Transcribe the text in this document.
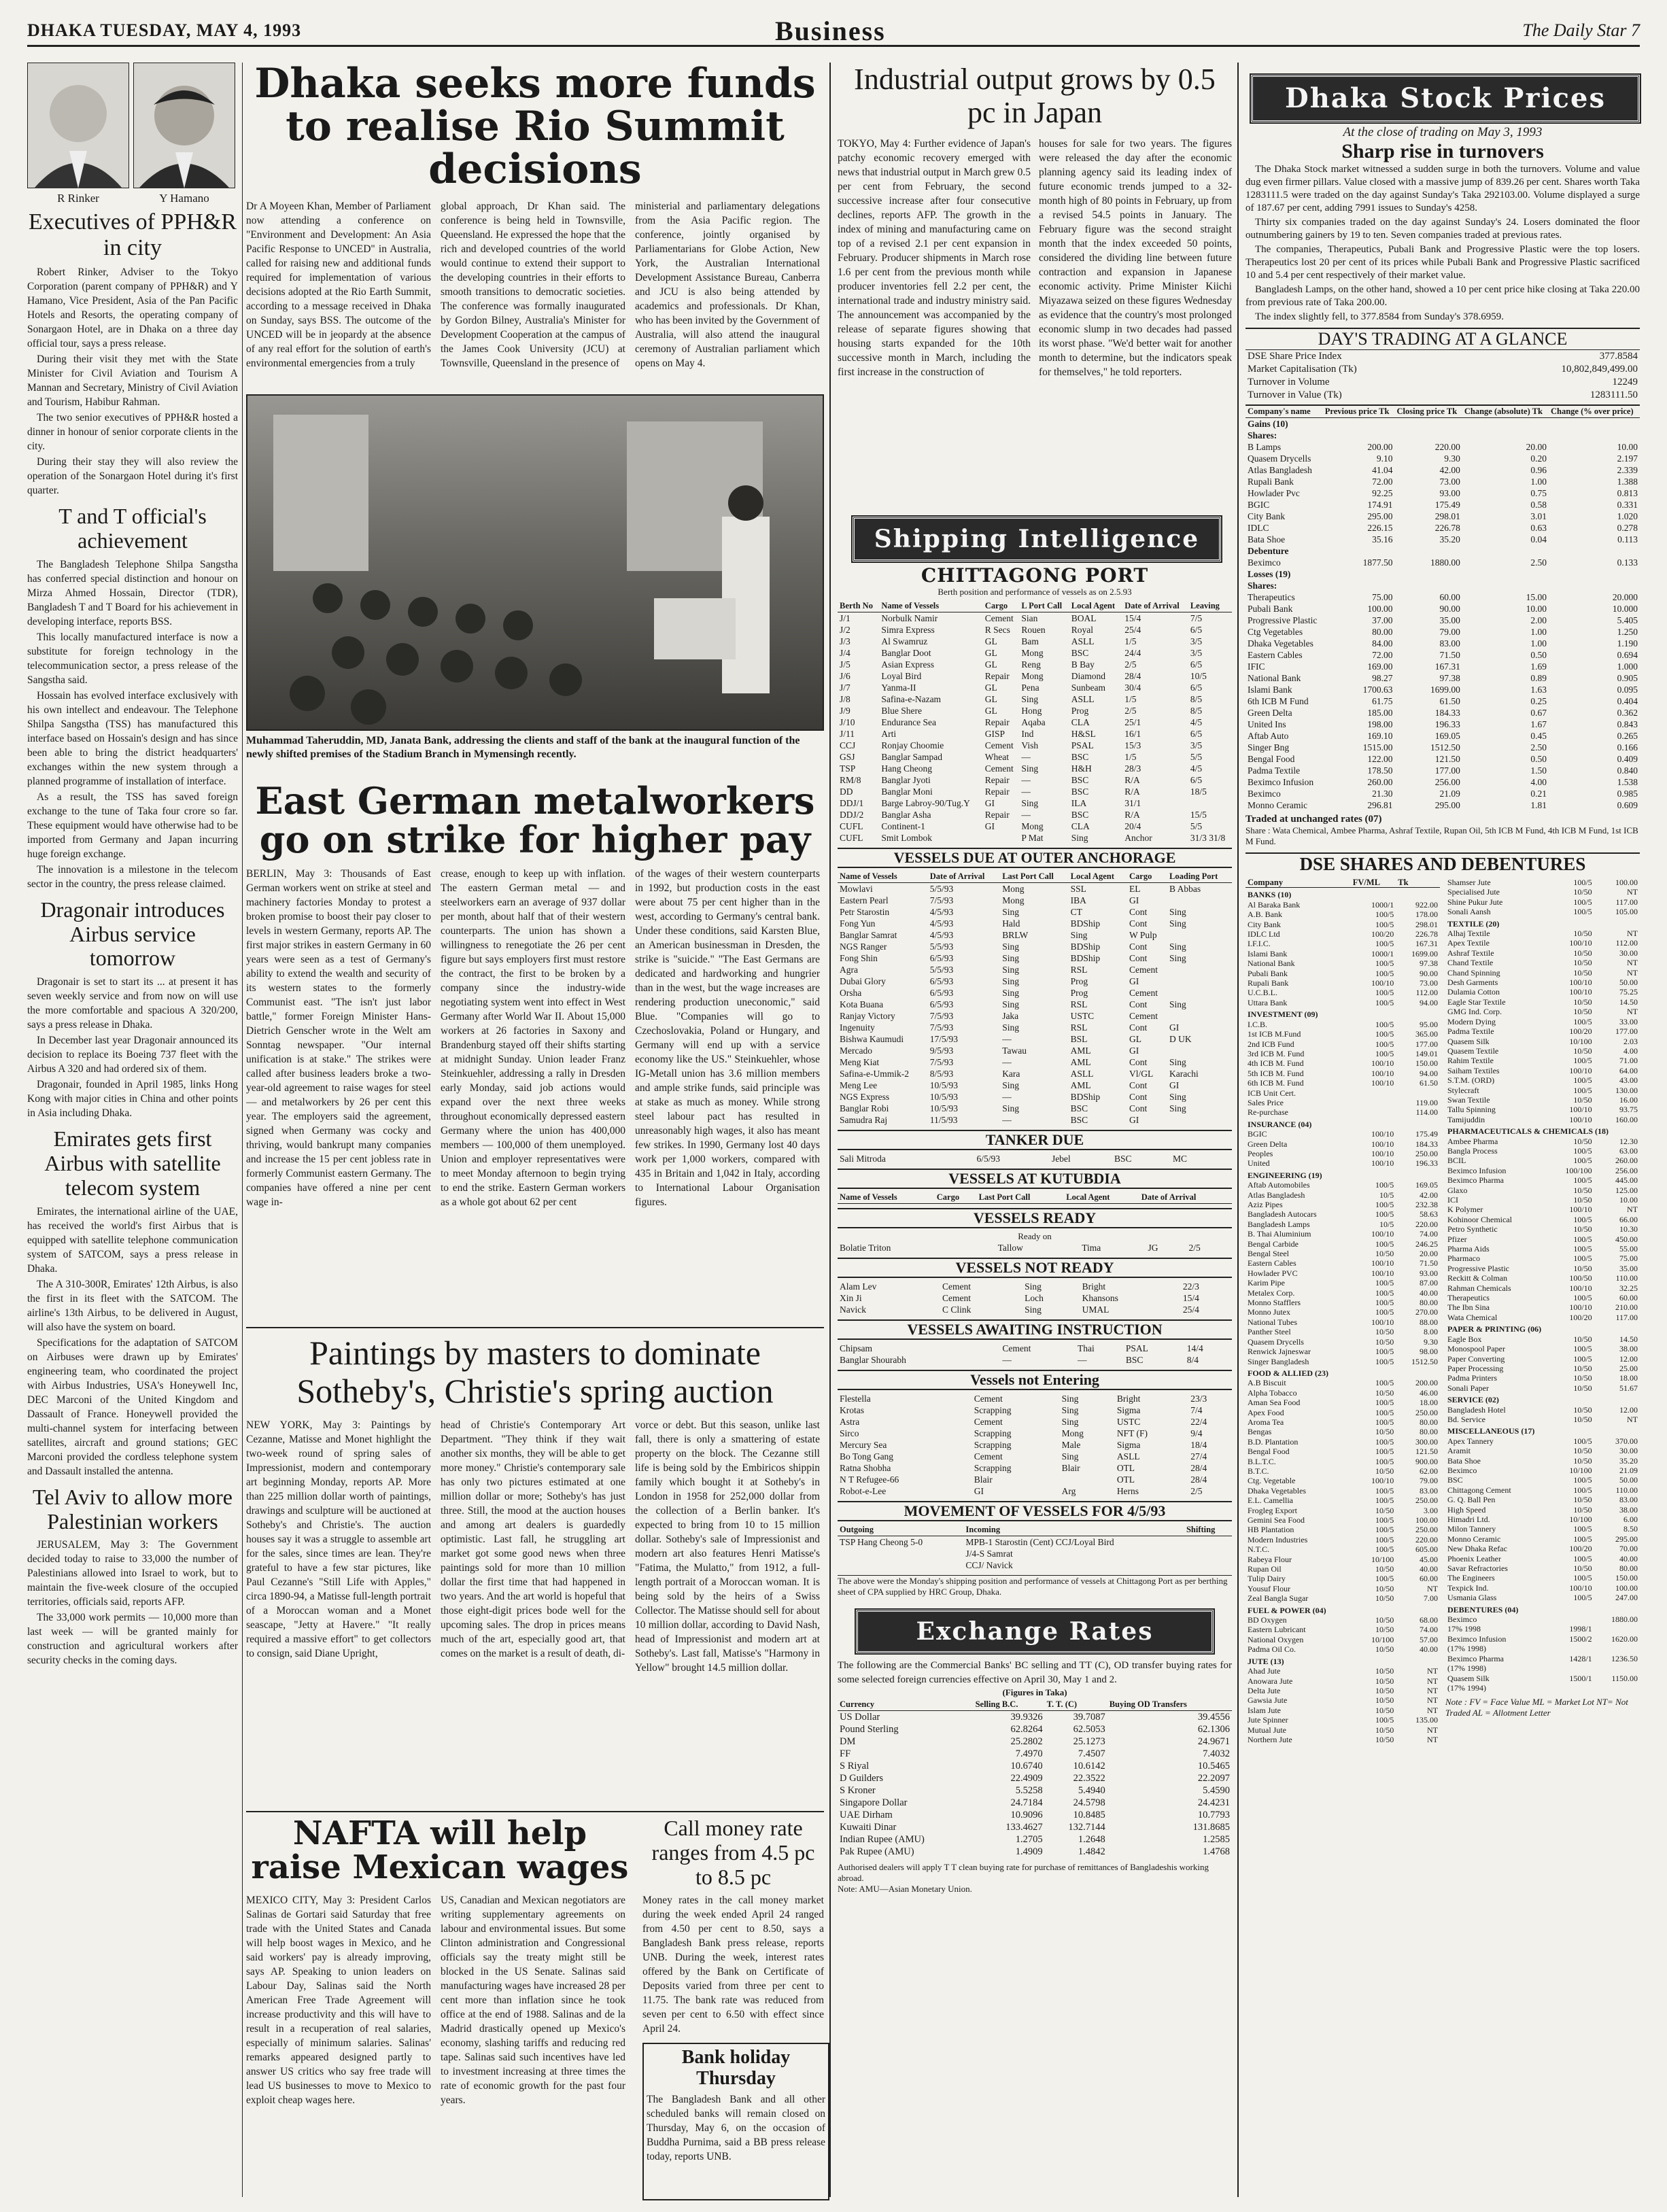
DHAKA TUESDAY, MAY 4, 1993	Business	The Daily Star 7
R Rinker	Y Hamano
Executives of PPH&R in city

Robert Rinker, Adviser to the Tokyo Corporation (parent company of PPH&R) and Y Hamano, Vice President, Asia of the Pan Pacific Hotels and Resorts, the operating company of Sonargaon Hotel, are in Dhaka on a three day official tour, says a press release.

During their visit they met with the State Minister for Civil Aviation and Tourism A Mannan and Secretary, Ministry of Civil Aviation and Tourism, Habibur Rahman.

The two senior executives of PPH&R hosted a dinner in honour of senior corporate clients in the city.

During their stay they will also review the operation of the Sonargaon Hotel during it's first quarter.

T and T official's achievement

The Bangladesh Telephone Shilpa Sangstha has conferred special distinction and honour on Mirza Ahmed Hossain, Director (TDR), Bangladesh T and T Board for his achievement in developing interface, reports BSS.

This locally manufactured interface is now a substitute for foreign technology in the telecommunication sector, a press release of the Sangstha said.

Hossain has evolved interface exclusively with his own intellect and endeavour. The Telephone Shilpa Sangstha (TSS) has manufactured this interface based on Hossain's design and has since been able to bring the district headquarters' exchanges within the new system through a planned programme of installation of interface.

As a result, the TSS has saved foreign exchange to the tune of Taka four crore so far. These equipment would have otherwise had to be imported from Germany and Japan incurring huge foreign exchange.

The innovation is a milestone in the telecom sector in the country, the press release claimed.

Dragonair introduces Airbus service tomorrow

Dragonair is set to start its ... at present it has seven weekly service and from now on will use the more comfortable and spacious A 320/200, says a press release in Dhaka.

In December last year Dragonair announced its decision to replace its Boeing 737 fleet with the Airbus A 320 and had ordered six of them.

Dragonair, founded in April 1985, links Hong Kong with major cities in China and other points in Asia including Dhaka.

Emirates gets first Airbus with satellite telecom system

Emirates, the international airline of the UAE, has received the world's first Airbus that is equipped with satellite telephone communication system of SATCOM, says a press release in Dhaka.

The A 310-300R, Emirates' 12th Airbus, is also the first in its fleet with the SATCOM. The airline's 13th Airbus, to be delivered in August, will also have the system on board.

Specifications for the adaptation of SATCOM on Airbuses were drawn up by Emirates' engineering team, who coordinated the project with Airbus Industries, USA's Honeywell Inc, DEC Marconi of the United Kingdom and Dassault of France. Honeywell provided the multi-channel system for interfacing between satellites, aircraft and ground stations; GEC Marconi provided the cordless telephone system and Dassault installed the antenna.

Tel Aviv to allow more Palestinian workers

JERUSALEM, May 3: The Government decided today to raise to 33,000 the number of Palestinians allowed into Israel to work, but to maintain the five-week closure of the occupied territories, officials said, reports AFP.

The 33,000 work permits — 10,000 more than last week — will be granted mainly for construction and agricultural workers after security checks in the coming days.

Dhaka seeks more funds to realise Rio Summit decisions
Dr A Moyeen Khan, Member of Parliament now attending a conference on "Environment and Development: An Asia Pacific Response to UNCED" in Australia, called for raising new and additional funds required for implementation of various decisions adopted at the Rio Earth Summit, according to a message received in Dhaka on Sunday, says BSS. The outcome of the UNCED will be in jeopardy at the absence of any real effort for the solution of earth's environmental emergencies from a truly
global approach, Dr Khan said. The conference is being held in Townsville, Queensland. He expressed the hope that the rich and developed countries of the world would continue to extend their support to the developing countries in their efforts to smooth transitions to democratic societies. The conference was formally inaugurated by Gordon Bilney, Australia's Minister for Development Cooperation at the campus of the James Cook University (JCU) at Townsville, Queensland in the presence of
ministerial and parliamentary delegations from the Asia Pacific region. The conference, jointly organised by Parliamentarians for Globe Action, New York, the Australian International Development Assistance Bureau, Canberra and JCU is also being attended by academics and professionals. Dr Khan, who has been invited by the Government of Australia, will also attend the inaugural ceremony of Australian parliament which opens on May 4.
Muhammad Taheruddin, MD, Janata Bank, addressing the clients and staff of the bank at the inaugural function of the newly shifted premises of the Stadium Branch in Mymensingh recently.
East German metalworkers go on strike for higher pay
BERLIN, May 3: Thousands of East German workers went on strike at steel and machinery factories Monday to protest a broken promise to boost their pay closer to levels in western Germany, reports AP. The first major strikes in eastern Germany in 60 years were seen as a test of Germany's ability to extend the wealth and security of its western states to the formerly Communist east. "The isn't just labor battle," former Foreign Minister Hans-Dietrich Genscher wrote in the Welt am Sonntag newspaper. "Our internal unification is at stake." The strikes were called after business leaders broke a two-year-old agreement to raise wages for steel — and metalworkers by 26 per cent this year. The employers said the agreement, signed when Germany was cocky and thriving, would bankrupt many companies and increase the 15 per cent jobless rate in formerly Communist eastern Germany. The companies have offered a nine per cent wage in-
crease, enough to keep up with inflation. The eastern German metal — and steelworkers earn an average of 937 dollar per month, about half that of their western counterparts. The union has shown a willingness to renegotiate the 26 per cent figure but says employers first must restore the contract, the first to be broken by a company since the industry-wide negotiating system went into effect in West Germany after World War II. About 15,000 workers at 26 factories in Saxony and Brandenburg stayed off their shifts starting at midnight Sunday. Union leader Franz Steinkuehler, addressing a rally in Dresden early Monday, said job actions would expand over the next three weeks throughout economically depressed eastern Germany where the union has 400,000 members — 100,000 of them unemployed. Union and employer representatives were to meet Monday afternoon to begin trying to end the strike. Eastern German workers as a whole got about 62 per cent
of the wages of their western counterparts in 1992, but production costs in the east were about 75 per cent higher than in the west, according to Germany's central bank. Under these conditions, said Karsten Blue, an American businessman in Dresden, the strike is "suicide." "The East Germans are dedicated and hardworking and hungrier than in the west, but the wage increases are rendering production uneconomic," said Blue. "Companies will go to Czechoslovakia, Poland or Hungary, and Germany will end up with a service economy like the US." Steinkuehler, whose IG-Metall union has 3.6 million members and ample strike funds, said principle was at stake as much as money. While strong steel labour pact has resulted in unreasonably high wages, it also has meant few strikes. In 1990, Germany lost 40 days work per 1,000 workers, compared with 435 in Britain and 1,042 in Italy, according to International Labour Organisation figures.
Paintings by masters to dominate Sotheby's, Christie's spring auction
NEW YORK, May 3: Paintings by Cezanne, Matisse and Monet highlight the two-week round of spring sales of Impressionist, modern and contemporary art beginning Monday, reports AP. More than 225 million dollar worth of paintings, drawings and sculpture will be auctioned at Sotheby's and Christie's. The auction houses say it was a struggle to assemble art for the sales, since times are lean. They're grateful to have a few star pictures, like Paul Cezanne's "Still Life with Apples," circa 1890-94, a Matisse full-length portrait of a Moroccan woman and a Monet seascape, "Jetty at Havere." "It really required a massive effort" to get collectors to consign, said Diane Upright,
head of Christie's Contemporary Art Department. "They think if they wait another six months, they will be able to get more money." Christie's contemporary sale has only two pictures estimated at one million dollar or more; Sotheby's has just three. Still, the mood at the auction houses and among art dealers is guardedly optimistic. Last fall, he struggling art market got some good news when three paintings sold for more than 10 million dollar the first time that had happened in two years. And the art world is hopeful that those eight-digit prices bode well for the upcoming sales. The drop in prices means much of the art, especially good art, that comes on the market is a result of death, di-
vorce or debt. But this season, unlike last fall, there is only a smattering of estate property on the block. The Cezanne still life is being sold by the Embiricos shippin family which bought it at Sotheby's in London in 1958 for 252,000 dollar from the collection of a Berlin banker. It's expected to bring from 10 to 15 million dollar. Sotheby's sale of Impressionist and modern art also features Henri Matisse's "Fatima, the Mulatto," from 1912, a full-length portrait of a Moroccan woman. It is being sold by the heirs of a Swiss Collector. The Matisse should sell for about 10 million dollar, according to David Nash, head of Impressionist and modern art at Sotheby's. Last fall, Matisse's "Harmony in Yellow" brought 14.5 million dollar.
NAFTA will help raise Mexican wages
MEXICO CITY, May 3: President Carlos Salinas de Gortari said Saturday that free trade with the United States and Canada will help boost wages in Mexico, and he said workers' pay is already improving, says AP. Speaking to union leaders on Labour Day, Salinas said the North American Free Trade Agreement will increase productivity and this will have to result in a recuperation of real salaries, especially of minimum salaries. Salinas' remarks appeared designed partly to answer US critics who say free trade will lead US businesses to move to Mexico to exploit cheap wages here.
US, Canadian and Mexican negotiators are writing supplementary agreements on labour and environmental issues. But some Clinton administration and Congressional officials say the treaty might still be blocked in the US Senate. Salinas said manufacturing wages have increased 28 per cent more than inflation since he took office at the end of 1988. Salinas and de la Madrid drastically opened up Mexico's economy, slashing tariffs and reducing red tape. Salinas said such incentives have led to investment increasing at three times the rate of economic growth for the past four years.
Call money rate ranges from 4.5 pc to 8.5 pc
Money rates in the call money market during the week ended April 24 ranged from 4.50 per cent to 8.50, says a Bangladesh Bank press release, reports UNB. During the week, interest rates offered by the Bank on Certificate of Deposits varied from three per cent to 11.75. The bank rate was reduced from seven per cent to 6.50 with effect since April 24.
Bank holiday Thursday
The Bangladesh Bank and all other scheduled banks will remain closed on Thursday, May 6, on the occasion of Buddha Purnima, said a BB press release today, reports UNB.
Industrial output grows by 0.5 pc in Japan
TOKYO, May 4: Further evidence of Japan's patchy economic recovery emerged with news that industrial output in March grew 0.5 per cent from February, the second successive increase after four consecutive declines, reports AFP. The growth in the index of mining and manufacturing came on top of a revised 2.1 per cent expansion in February. Producer shipments in March rose 1.6 per cent from the previous month while producer inventories fell 2.2 per cent, the international trade and industry ministry said. The announcement was accompanied by the release of separate figures showing that housing starts expanded for the 10th successive month in March, including the first increase in the construction of
houses for sale for two years. The figures were released the day after the economic planning agency said its leading index of future economic trends jumped to a 32-month high of 80 points in February, up from a revised 54.5 points in January. The February figure was the second straight month that the index exceeded 50 points, considered the dividing line between future contraction and expansion in Japanese economic activity. Prime Minister Kiichi Miyazawa seized on these figures Wednesday as evidence that the country's most prolonged economic slump in two decades had passed its worst phase. "We'd better wait for another month to determine, but the indicators speak for themselves," he told reporters.
Shipping Intelligence
CHITTAGONG PORT
Berth position and performance of vessels as on 2.5.93
Berth No	Name of Vessels	Cargo	L Port Call	Local Agent	Date of Arrival	Leaving
J/1	Norbulk Namir	Cement	Sian	BOAL	15/4	7/5
J/2	Simra Express	R Secs	Rouen	Royal	25/4	6/5
J/3	Al Swamruz	GL	Bam	ASLL	1/5	3/5
J/4	Banglar Doot	GL	Mong	BSC	24/4	3/5
J/5	Asian Express	GL	Reng	B Bay	2/5	6/5
J/6	Loyal Bird	Repair	Mong	Diamond	28/4	10/5
J/7	Yanma-II	GL	Pena	Sunbeam	30/4	6/5
J/8	Safina-e-Nazam	GL	Sing	ASLL	1/5	8/5
J/9	Blue Shere	GL	Hong	Prog	2/5	8/5
J/10	Endurance Sea	Repair	Aqaba	CLA	25/1	4/5
J/11	Arti	GISP	Ind	H&SL	16/1	6/5
CCJ	Ronjay Choomie	Cement	Vish	PSAL	15/3	3/5
GSJ	Banglar Sampad	Wheat	—	BSC	1/5	5/5
TSP	Hang Cheong	Cement	Sing	H&H	28/3	4/5
RM/8	Banglar Jyoti	Repair	—	BSC	R/A	6/5
DD	Banglar Moni	Repair	—	BSC	R/A	18/5
DDJ/1	Barge Labroy-90/Tug.Y	GI	Sing	ILA	31/1	
DDJ/2	Banglar Asha	Repair	—	BSC	R/A	15/5
CUFL	Continent-1	GI	Mong	CLA	20/4	5/5
CUFL	Smit Lombok		P Mat	Sing	Anchor	31/3 31/8
VESSELS DUE AT OUTER ANCHORAGE
Name of Vessels	Date of Arrival	Last Port Call	Local Agent	Cargo	Loading Port
Mowlavi	5/5/93	Mong	SSL	EL	B Abbas
Eastern Pearl	7/5/93	Mong	IBA	GI	
Petr Starostin	4/5/93	Sing	CT	Cont	Sing
Fong Yun	4/5/93	Hald	BDShip	Cont	Sing
Banglar Samrat	4/5/93	BRLW	Sing	W Pulp	
NGS Ranger	5/5/93	Sing	BDShip	Cont	Sing
Fong Shin	6/5/93	Sing	BDShip	Cont	Sing
Agra	5/5/93	Sing	RSL	Cement	
Dubai Glory	6/5/93	Sing	Prog	GI	
Orsha	6/5/93	Sing	Prog	Cement	
Kota Buana	6/5/93	Sing	RSL	Cont	Sing
Ranjay Victory	7/5/93	Jaka	USTC	Cement	
Ingenuity	7/5/93	Sing	RSL	Cont	GI
Bishwa Kaumudi	17/5/93	—	BSL	GL	D UK
Mercado	9/5/93	Tawau	AML	GI	
Meng Kiat	7/5/93	—	AML	Cont	Sing
Safina-e-Ummik-2	8/5/93	Kara	ASLL	Vl/GL	Karachi
Meng Lee	10/5/93	Sing	AML	Cont	GI
NGS Express	10/5/93	—	BDShip	Cont	Sing
Banglar Robi	10/5/93	Sing	BSC	Cont	Sing
Samudra Raj	11/5/93	—	BSC	GI	
TANKER DUE
Sali Mitroda	6/5/93	Jebel	BSC	MC	
VESSELS AT KUTUBDIA
Name of Vessels	Cargo	Last Port Call	Local Agent	Date of Arrival
VESSELS READY
Ready on
Bolatie Triton	Tallow	Tima	JG	2/5
VESSELS NOT READY
Alam Lev	Cement	Sing	Bright	22/3
Xin Ji	Cement	Loch	Khansons	15/4
Navick	C Clink	Sing	UMAL	25/4
VESSELS AWAITING INSTRUCTION
Chipsam	Cement	Thai	PSAL	14/4
Banglar Shourabh	—	—	BSC	8/4
Vessels not Entering
Flestella	Cement	Sing	Bright	23/3
Krotas	Scrapping	Sing	Sigma	7/4
Astra	Cement	Sing	USTC	22/4
Sirco	Scrapping	Mong	NFT (F)	9/4
Mercury Sea	Scrapping	Male	Sigma	18/4
Bo Tong Gang	Cement	Sing	ASLL	27/4
Ratna Shobha	Scrapping	Blair	OTL	28/4
N T Refugee-66	Blair		OTL	28/4
Robot-e-Lee	GI	Arg	Herns	2/5
MOVEMENT OF VESSELS FOR 4/5/93
Outgoing	Incoming	Shifting
TSP Hang Cheong 5-0	MPB-1 Starostin (Cent) CCJ/Loyal Bird	
	J/4-S Samrat	
	CCJ/ Navick	
The above were the Monday's shipping position and performance of vessels at Chittagong Port as per berthing sheet of CPA supplied by HRC Group, Dhaka.
Exchange Rates
The following are the Commercial Banks' BC selling and TT (C), OD transfer buying rates for some selected foreign currencies effective on April 30, May 1 and 2.
(Figures in Taka)
Currency	Selling B.C.	T. T. (C)	Buying OD Transfers
US Dollar	39.9326	39.7087	39.4556
Pound Sterling	62.8264	62.5053	62.1306
DM	25.2802	25.1273	24.9671
FF	7.4970	7.4507	7.4032
S Riyal	10.6740	10.6142	10.5465
D Guilders	22.4909	22.3522	22.2097
S Kroner	5.5258	5.4940	5.4590
Singapore Dollar	24.7184	24.5798	24.4231
UAE Dirham	10.9096	10.8485	10.7793
Kuwaiti Dinar	133.4627	132.7144	131.8685
Indian Rupee (AMU)	1.2705	1.2648	1.2585
Pak Rupee (AMU)	1.4909	1.4842	1.4768
Authorised dealers will apply T T clean buying rate for purchase of remittances of Bangladeshis working abroad.
Note: AMU—Asian Monetary Union.
Dhaka Stock Prices
At the close of trading on May 3, 1993
Sharp rise in turnovers

The Dhaka Stock market witnessed a sudden surge in both the turnovers. Volume and value dug even firmer pillars. Value closed with a massive jump of 839.26 per cent. Shares worth Taka 1283111.5 were traded on the day against Sunday's Taka 292103.00. Volume displayed a surge of 187.67 per cent, adding 7991 issues to Sunday's 4258.

Thirty six companies traded on the day against Sunday's 24. Losers dominated the floor outnumbering gainers by 19 to ten. Seven companies traded at previous rates.

The companies, Therapeutics, Pubali Bank and Progressive Plastic were the top losers. Therapeutics lost 20 per cent of its prices while Pubali Bank and Progressive Plastic sacrificed 10 and 5.4 per cent respectively of their market value.

Bangladesh Lamps, on the other hand, showed a 10 per cent price hike closing at Taka 220.00 from previous rate of Taka 200.00.

The index slightly fell, to 377.8584 from Sunday's 378.6959.

DAY'S TRADING AT A GLANCE
DSE Share Price Index	377.8584
Market Capitalisation (Tk)	10,802,849,499.00
Turnover in Volume	12249
Turnover in Value (Tk)	1283111.50
Company's name	Previous price Tk	Closing price Tk	Change (absolute) Tk	Change (% over price)
Gains (10)				
Shares:				
B Lamps	200.00	220.00	20.00	10.00
Quasem Drycells	9.10	9.30	0.20	2.197
Atlas Bangladesh	41.04	42.00	0.96	2.339
Rupali Bank	72.00	73.00	1.00	1.388
Howlader Pvc	92.25	93.00	0.75	0.813
BGIC	174.91	175.49	0.58	0.331
City Bank	295.00	298.01	3.01	1.020
IDLC	226.15	226.78	0.63	0.278
Bata Shoe	35.16	35.20	0.04	0.113
Debenture				
Beximco	1877.50	1880.00	2.50	0.133
Losses (19)				
Shares:				
Therapeutics	75.00	60.00	15.00	20.000
Pubali Bank	100.00	90.00	10.00	10.000
Progressive Plastic	37.00	35.00	2.00	5.405
Ctg Vegetables	80.00	79.00	1.00	1.250
Dhaka Vegetables	84.00	83.00	1.00	1.190
Eastern Cables	72.00	71.50	0.50	0.694
IFIC	169.00	167.31	1.69	1.000
National Bank	98.27	97.38	0.89	0.905
Islami Bank	1700.63	1699.00	1.63	0.095
6th ICB M Fund	61.75	61.50	0.25	0.404
Green Delta	185.00	184.33	0.67	0.362
United Ins	198.00	196.33	1.67	0.843
Aftab Auto	169.10	169.05	0.45	0.265
Singer Bng	1515.00	1512.50	2.50	0.166
Bengal Food	122.00	121.50	0.50	0.409
Padma Textile	178.50	177.00	1.50	0.840
Beximco Infusion	260.00	256.00	4.00	1.538
Beximco	21.30	21.09	0.21	0.985
Monno Ceramic	296.81	295.00	1.81	0.609
Traded at unchanged rates (07)
Share : Wata Chemical, Ambee Pharma, Ashraf Textile, Rupan Oil, 5th ICB M Fund, 4th ICB M Fund, 1st ICB M Fund.
DSE SHARES AND DEBENTURES
Company	FV/ML	Tk
BANKS (10)		
Al Baraka Bank	1000/1	922.00
A.B. Bank	100/5	178.00
City Bank	100/5	298.01
IDLC Ltd	100/20	226.78
I.F.I.C.	100/5	167.31
Islami Bank	1000/1	1699.00
National Bank	100/5	97.38
Pubali Bank	100/5	90.00
Rupali Bank	100/10	73.00
U.C.B.L.	100/5	112.00
Uttara Bank	100/5	94.00
INVESTMENT (09)		
I.C.B.	100/5	95.00
1st ICB M.Fund	100/5	365.00
2nd ICB Fund	100/5	177.00
3rd ICB M. Fund	100/5	149.01
4th ICB M. Fund	100/10	150.00
5th ICB M. Fund	100/10	94.00
6th ICB M. Fund	100/10	61.50
ICB Unit Cert.		
Sales Price		119.00
Re-purchase		114.00
INSURANCE (04)		
BGIC	100/10	175.49
Green Delta	100/10	184.33
Peoples	100/10	250.00
United	100/10	196.33
ENGINEERING (19)		
Aftab Automobiles	100/5	169.05
Atlas Bangladesh	10/5	42.00
Aziz Pipes	100/5	232.38
Bangladesh Autocars	100/5	58.63
Bangladesh Lamps	10/5	220.00
B. Thai Aluminium	100/10	74.00
Bengal Carbide	100/5	246.25
Bengal Steel	10/50	20.00
Eastern Cables	100/10	71.50
Howlader PVC	100/10	93.00
Karim Pipe	100/5	87.00
Metalex Corp.	100/5	40.00
Monno Stafflers	100/5	80.00
Monno Jutex	100/5	270.00
National Tubes	100/10	88.00
Panther Steel	10/50	8.00
Quasem Drycells	10/50	9.30
Renwick Jajneswar	100/5	98.00
Singer Bangladesh	100/5	1512.50
FOOD & ALLIED (23)		
A.B Biscuit	100/5	200.00
Alpha Tobacco	10/50	46.00
Aman Sea Food	100/5	18.00
Apex Food	100/5	250.00
Aroma Tea	100/5	80.00
Bengas	10/50	80.00
B.D. Plantation	100/5	300.00
Bengal Food	100/5	121.50
B.L.T.C.	100/5	900.00
B.T.C.	10/50	62.00
Ctg. Vegetable	100/10	79.00
Dhaka Vegetables	100/5	83.00
E.L. Camellia	100/5	250.00
Frogleg Export	10/50	3.00
Gemini Sea Food	100/5	100.00
HB Plantation	100/5	250.00
Modern Industries	100/5	220.00
N.T.C.	100/5	605.00
Rabeya Flour	10/100	45.00
Rupan Oil	10/50	40.00
Tulip Dairy	100/5	60.00
Yousuf Flour	10/50	NT
Zeal Bangla Sugar	10/50	7.00
FUEL & POWER (04)		
BD Oxygen	10/50	68.00
Eastern Lubricant	10/50	74.00
National Oxygen	10/100	57.00
Padma Oil Co.	10/50	40.00
JUTE (13)		
Ahad Jute	10/50	NT
Anowara Jute	10/50	NT
Delta Jute	10/50	NT
Gawsia Jute	10/50	NT
Islam Jute	10/50	NT
Jute Spinner	100/5	135.00
Mutual Jute	10/50	NT
Northern Jute	10/50	NT
Shamser Jute	100/5	100.00
Specialised Jute	10/50	NT
Shine Pukur Jute	100/5	117.00
Sonali Aansh	100/5	105.00
TEXTILE (20)		
Alhaj Textile	10/50	NT
Apex Textile	100/10	112.00
Ashraf Textile	10/50	30.00
Chand Textile	10/50	NT
Chand Spinning	10/50	NT
Desh Garments	100/10	50.00
Dulamia Cotton	100/10	75.25
Eagle Star Textile	10/50	14.50
GMG Ind. Corp.	10/50	NT
Modern Dying	100/5	33.00
Padma Textile	100/20	177.00
Quasem Silk	10/100	2.03
Quasem Textile	10/50	4.00
Rahim Textile	100/5	71.00
Saiham Textiles	100/10	64.00
S.T.M. (ORD)	100/5	43.00
Stylecraft	100/5	130.00
Swan Textile	10/50	16.00
Tallu Spinning	100/10	93.75
Tamijuddin	100/10	160.00
PHARMACEUTICALS & CHEMICALS (18)		
Ambee Pharma	10/50	12.30
Bangla Process	100/5	63.00
BCIL	100/5	260.00
Beximco Infusion	100/100	256.00
Beximco Pharma	100/5	445.00
Glaxo	10/50	125.00
ICI	10/50	10.00
K Polymer	100/10	NT
Kohinoor Chemical	100/5	66.00
Petro Synthetic	10/50	10.30
Pfizer	100/5	450.00
Pharma Aids	100/5	55.00
Pharmaco	100/5	75.00
Progressive Plastic	10/50	35.00
Reckitt & Colman	100/50	110.00
Rahman Chemicals	100/10	32.25
Therapeutics	100/5	60.00
The Ibn Sina	100/10	210.00
Wata Chemical	100/20	117.00
PAPER & PRINTING (06)		
Eagle Box	10/50	14.50
Monospool Paper	100/5	38.00
Paper Converting	100/5	12.00
Paper Processing	10/50	25.00
Padma Printers	10/50	18.00
Sonali Paper	10/50	51.67
SERVICE (02)		
Bangladesh Hotel	10/50	12.00
Bd. Service	10/50	NT
MISCELLANEOUS (17)		
Apex Tannery	100/5	370.00
Aramit	10/50	30.00
Bata Shoe	10/50	35.20
Beximco	10/100	21.09
BSC	100/5	50.00
Chittagong Cement	100/5	110.00
G. Q. Ball Pen	10/50	83.00
High Speed	10/50	38.00
Himadri Ltd.	10/100	6.00
Milon Tannery	100/5	8.50
Monno Ceramic	100/5	295.00
New Dhaka Refac	100/20	70.00
Phoenix Leather	100/5	40.00
Savar Refractories	10/50	80.00
The Engineers	100/5	150.00
Texpick Ind.	100/10	100.00
Usmania Glass	100/5	247.00
DEBENTURES (04)		
Beximco		1880.00
17% 1998	1998/1	
Beximco Infusion	1500/2	1620.00
(17% 1998)		
Beximco Pharma	1428/1	1236.50
(17% 1998)		
Quasem Silk	1500/1	1150.00
(17% 1994)		
Note : FV = Face Value ML = Market Lot NT= Not Traded AL = Allotment Letter
